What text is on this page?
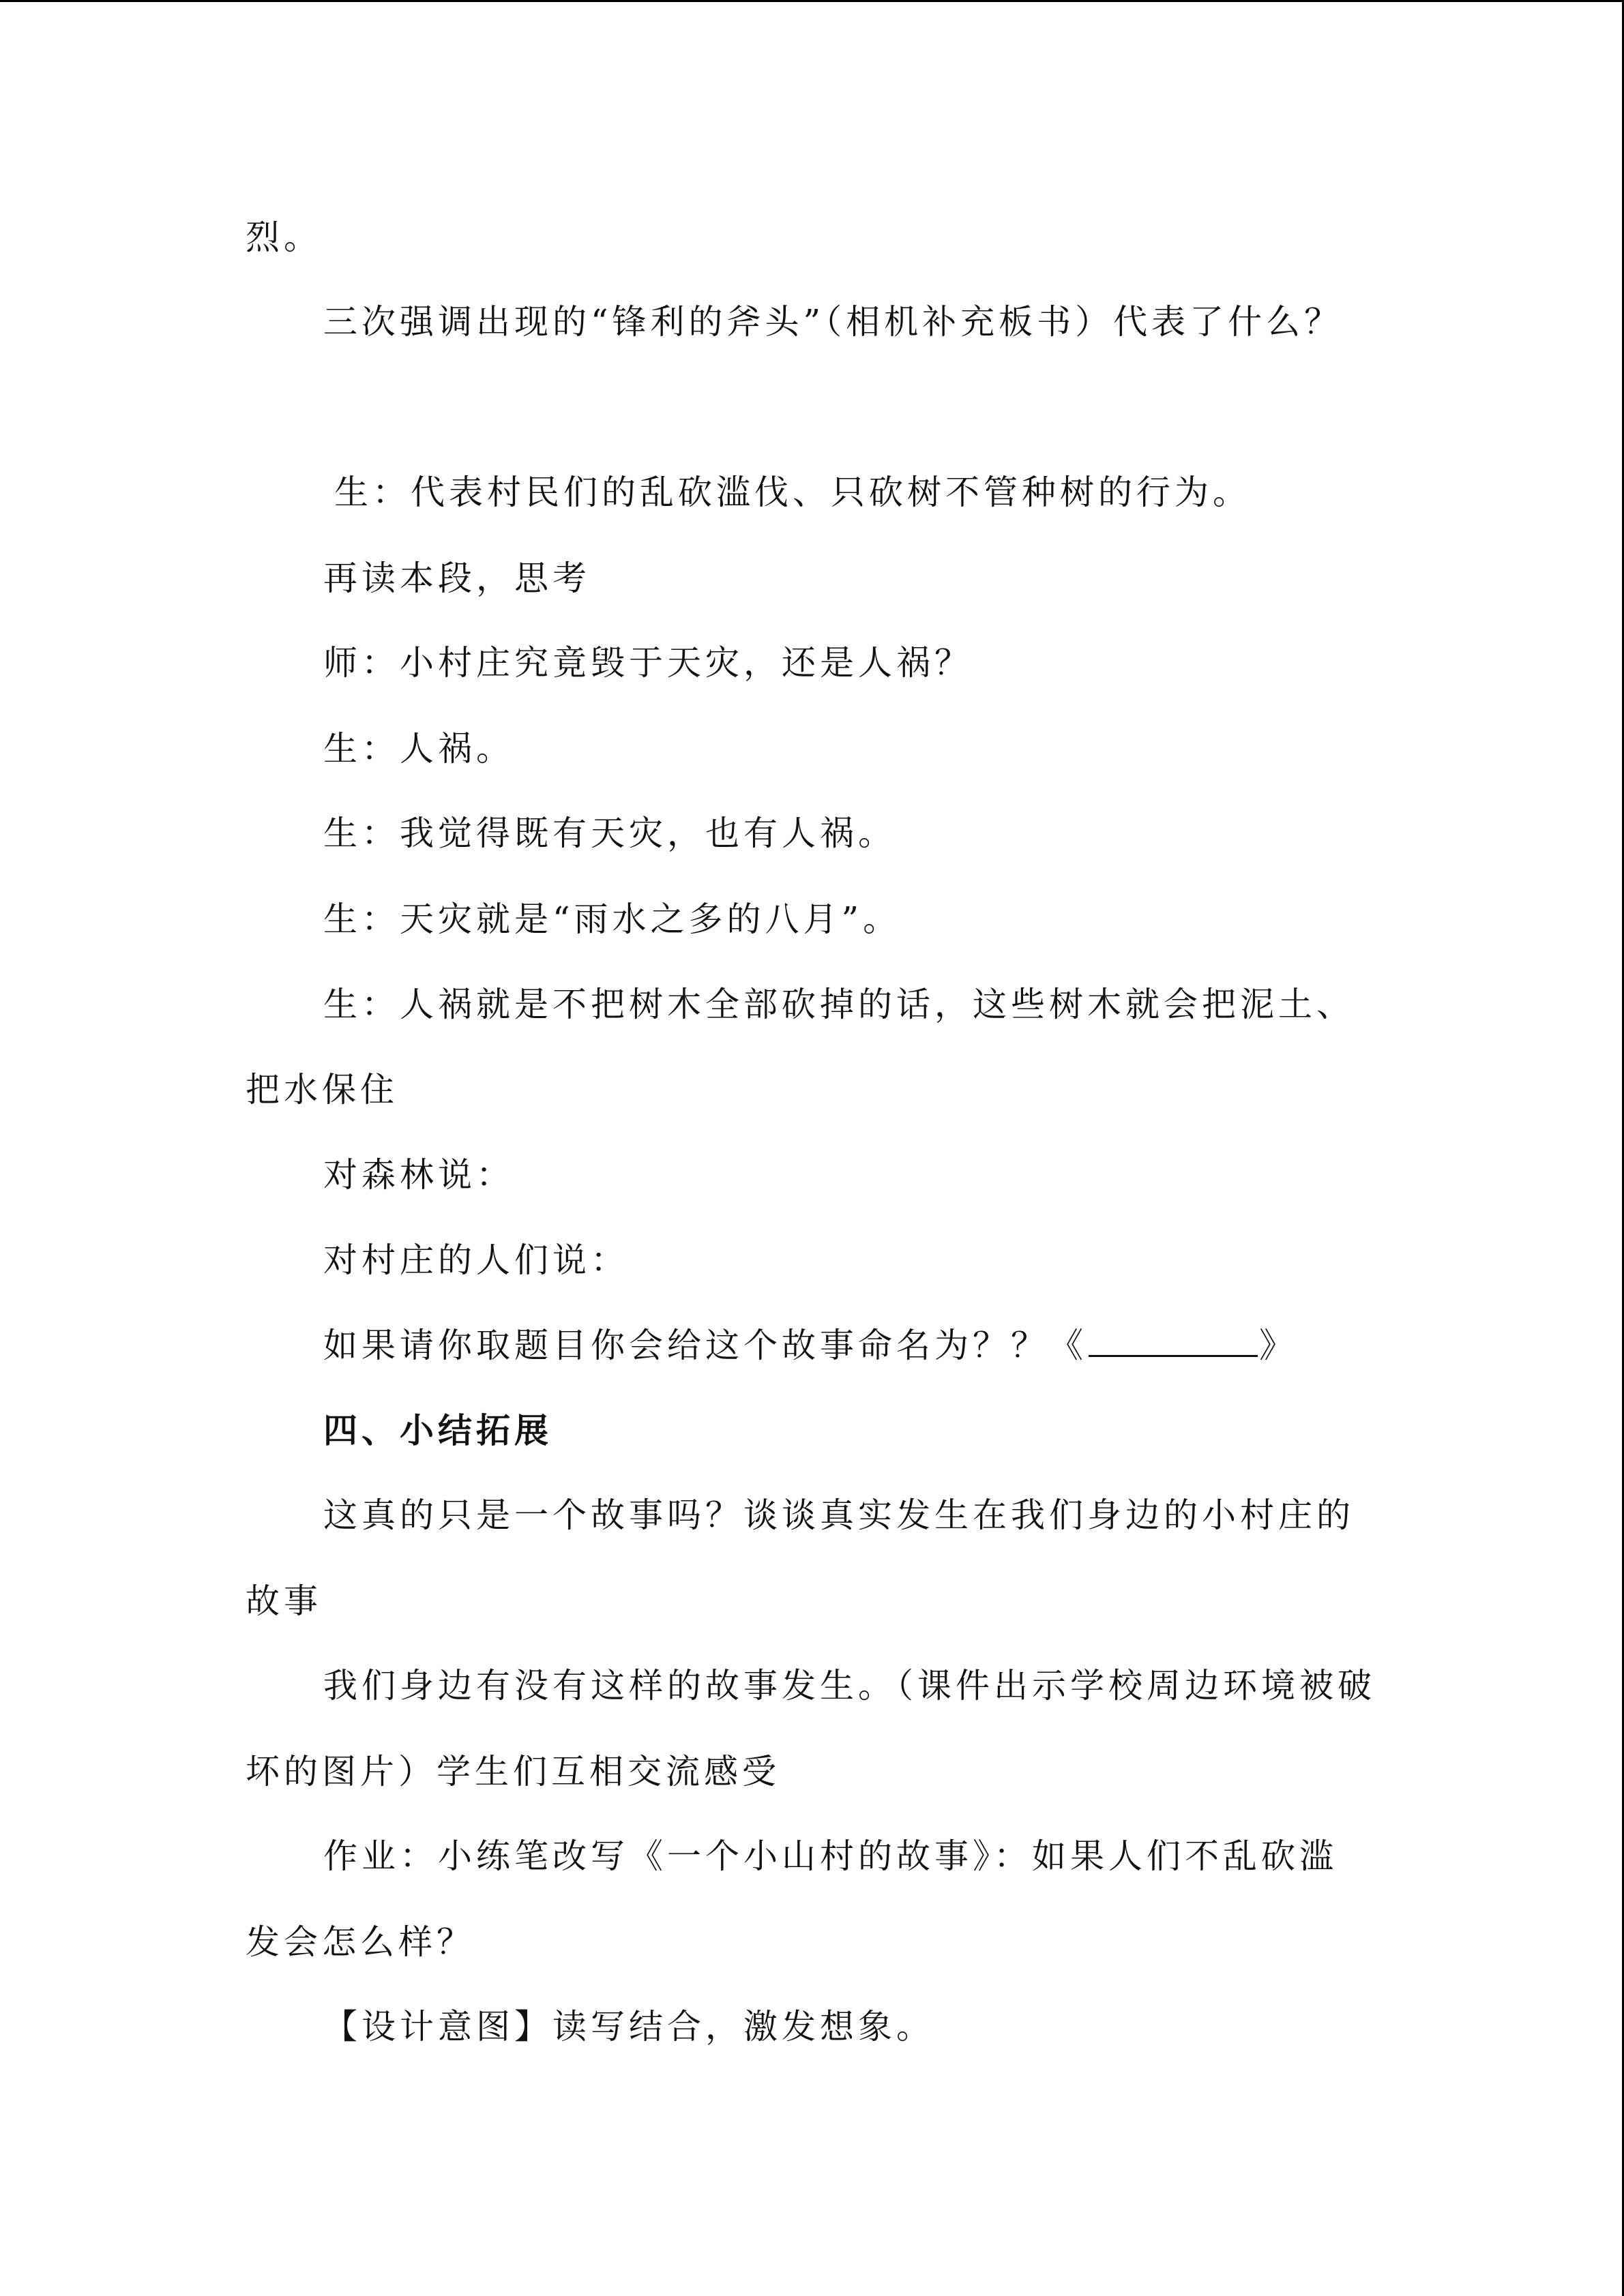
烈。
三次强调出现的“锋利的斧头”（相机补充板书）代表了什么？
生：代表村民们的乱砍滥伐、只砍树不管种树的行为。
再读本段，思考
师：小村庄究竟毁于天灾，还是人祸？
生：人祸。
生：我觉得既有天灾，也有人祸。
生：天灾就是“雨水之多的八月”。
生：人祸就是不把树木全部砍掉的话，这些树木就会把泥土、
把水保住
对森林说：
对村庄的人们说：
如果请你取题目你会给这个故事命名为？？《	》
四、小结拓展
这真的只是一个故事吗？谈谈真实发生在我们身边的小村庄的
故事
我们身边有没有这样的故事发生。（课件出示学校周边环境被破
坏的图片）学生们互相交流感受
作业：小练笔改写《一个小山村的故事》：如果人们不乱砍滥
发会怎么样？
【设计意图】读写结合，激发想象。
